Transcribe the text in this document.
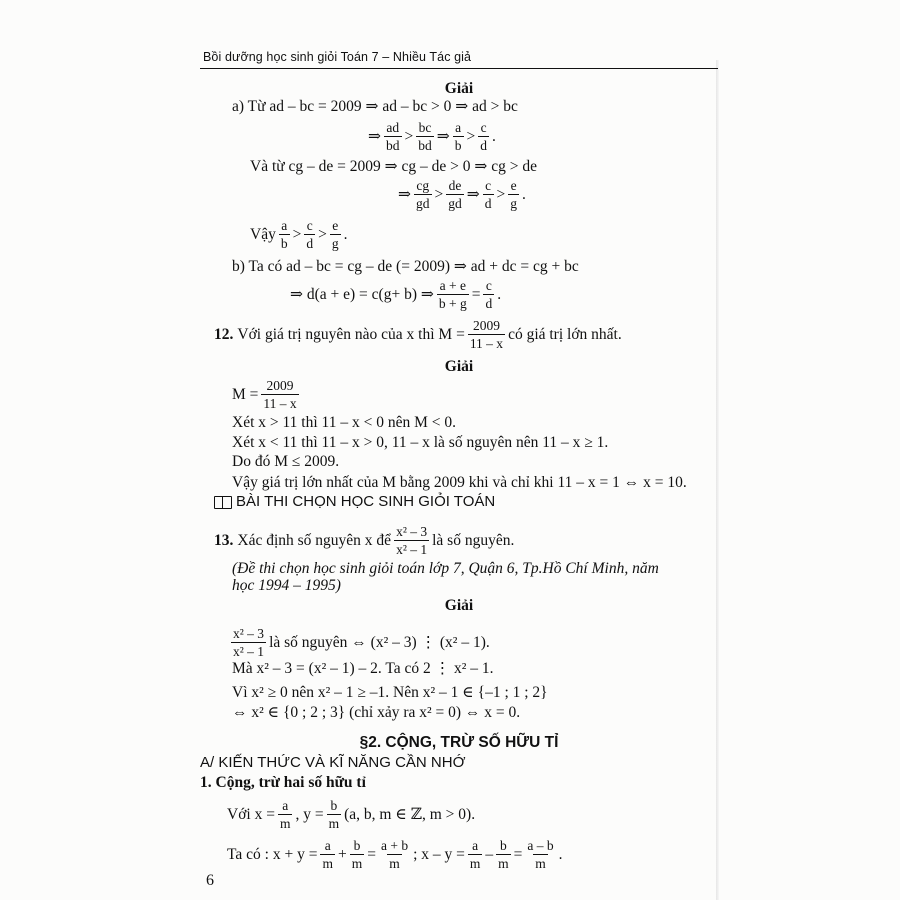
Bồi dưỡng học sinh giỏi Toán 7 – Nhiều Tác giả
Giải
a) Từ ad – bc = 2009 ⇒ ad – bc > 0 ⇒ ad > bc
⇒ $\frac{ad}{bd} > \frac{bc}{bd}$ ⇒ $\frac{a}{b} > \frac{c}{d}$ .
Và từ cg – de = 2009 ⇒ cg – de > 0 ⇒ cg > de
⇒ $\frac{cg}{gd} > \frac{de}{gd}$ ⇒ $\frac{c}{d} > \frac{e}{g}$ .
Vậy $\frac{a}{b} > \frac{c}{d} > \frac{e}{g}$ .
b) Ta có ad – bc = cg – de (= 2009) ⇒ ad + dc = cg + bc
⇒ d(a + e) = c(g+ b) ⇒ $\frac{a + e}{b + g} = \frac{c}{d}$ .
12. Với giá trị nguyên nào của x thì $M = \frac{2009}{11 - x}$ có giá trị lớn nhất.
Giải
$M = \frac{2009}{11 - x}$
Xét x > 11 thì 11 – x < 0 nên M < 0.
Xét x < 11 thì 11 – x > 0, 11 – x là số nguyên nên 11 – x ≥ 1.
Do đó M ≤ 2009.
Vậy giá trị lớn nhất của M bằng 2009 khi và chỉ khi 11 – x = 1 ⇔ x = 10.
BÀI THI CHỌN HỌC SINH GIỎI TOÁN
13. Xác định số nguyên x để $\frac{\text{x² – 3}}{\text{x² – 1}}$ là số nguyên.
(Đề thi chọn học sinh giỏi toán lớp 7, Quận 6, Tp.Hồ Chí Minh, năm
học 1994 – 1995)
Giải
$\frac{\text{x² – 3}}{\text{x² – 1}}$ là số nguyên ⇔ (x² – 3) ⋮ (x² – 1).
Mà x² – 3 = (x² – 1) – 2. Ta có 2 ⋮ x² – 1.
Vì x² ≥ 0 nên x² – 1 ≥ –1. Nên x² – 1 ∈ {–1 ; 1 ; 2}
⇔ x² ∈ {0 ; 2 ; 3} (chỉ xảy ra x² = 0) ⇔ x = 0.
§2. CỘNG, TRỪ SỐ HỮU TỈ
A/ KIẾN THỨC VÀ KĨ NĂNG CẦN NHỚ
1. Cộng, trừ hai số hữu tỉ
Với $x = \frac{a}{m}$ , $y = \frac{b}{m} (a$, b, m ∈ ℤ, m > 0).
Ta có : $x + y = \frac{a}{m} + \frac{b}{m} = \frac{a + b}{m}$ ; $x - y = \frac{a}{m} - \frac{b}{m} = \frac{a - b}{m}$ .
6
